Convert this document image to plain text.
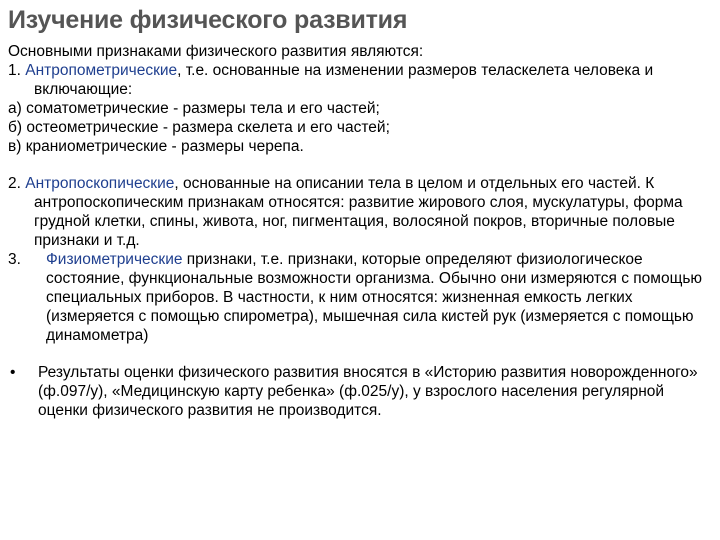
Изучение физического развития

Основными признаками физического развития являются:

1. Антропометрические, т.е. основанные на изменении размеров теласкелета человека и включающие:

а) соматометрические - размеры тела и его частей;

б) остеометрические - размера скелета и его частей;

в) краниометрические - размеры черепа.

2. Антропоскопические, основанные на описании тела в целом и отдельных его частей. К антропоскопическим признакам относятся: развитие жирового слоя, мускулатуры, форма грудной клетки, спины, живота, ног, пигментация, волосяной покров, вторичные половые признаки и т.д.

3.	Физиометрические признаки, т.е. признаки, которые определяют физиологическое состояние, функциональные возможности организма. Обычно они измеряются с помощью специальных приборов. В частности, к ним относятся: жизненная емкость легких (измеряется с помощью спирометра), мышечная сила кистей рук (измеряется с помощью динамометра)
•	Результаты оценки физического развития вносятся в «Историю развития новорожденного» (ф.097/у), «Медицинскую карту ребенка» (ф.025/у), у взрослого населения регулярной оценки физического развития не производится.
